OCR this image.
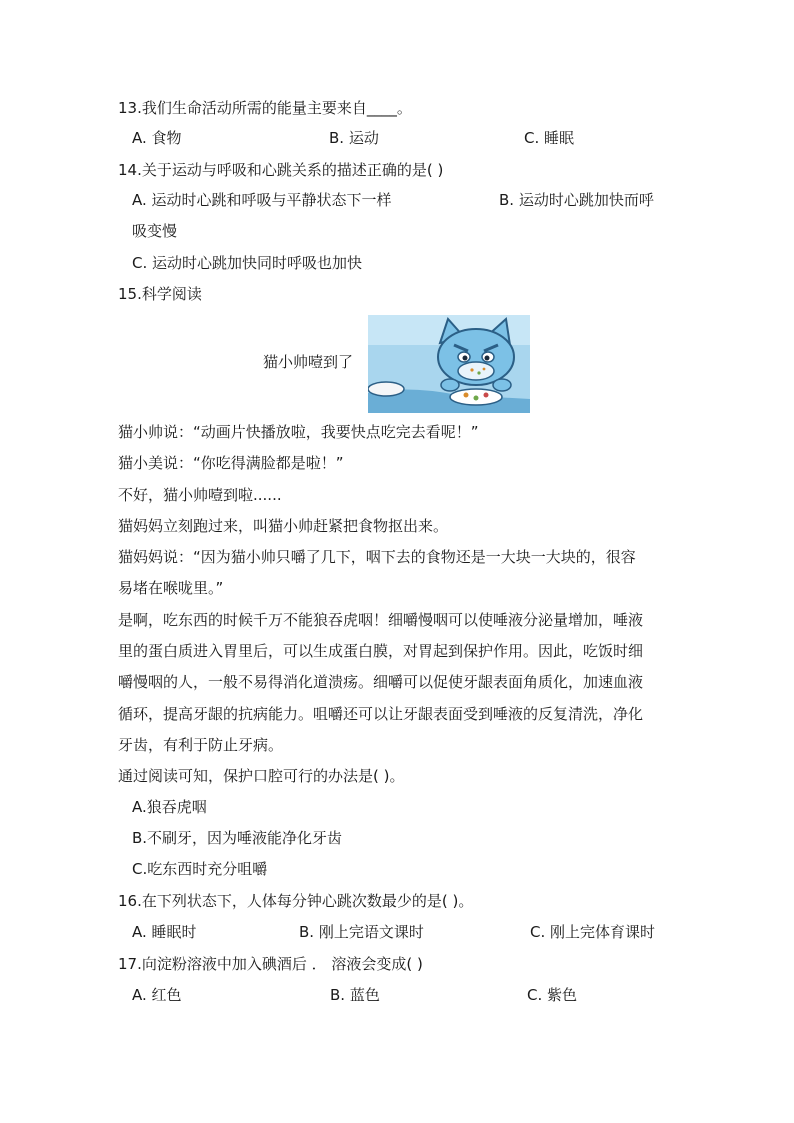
13.我们生命活动所需的能量主要来自____。
A. 食物	B. 运动	C. 睡眠
14.关于运动与呼吸和心跳关系的描述正确的是( )
A. 运动时心跳和呼吸与平静状态下一样	B. 运动时心跳加快而呼
吸变慢
C. 运动时心跳加快同时呼吸也加快
15.科学阅读
猫小帅噎到了
猫小帅说：“动画片快播放啦，我要快点吃完去看呢！”
猫小美说：“你吃得满脸都是啦！”
不好，猫小帅噎到啦......
猫妈妈立刻跑过来，叫猫小帅赶紧把食物抠出来。
猫妈妈说：“因为猫小帅只嚼了几下，咽下去的食物还是一大块一大块的，很容
易堵在喉咙里。”
是啊，吃东西的时候千万不能狼吞虎咽！细嚼慢咽可以使唾液分泌量增加，唾液
里的蛋白质进入胃里后，可以生成蛋白膜，对胃起到保护作用。因此，吃饭时细
嚼慢咽的人，一般不易得消化道溃疡。细嚼可以促使牙龈表面角质化，加速血液
循环，提高牙龈的抗病能力。咀嚼还可以让牙龈表面受到唾液的反复清洗，净化
牙齿，有利于防止牙病。
通过阅读可知，保护口腔可行的办法是( )。
A.狼吞虎咽
B.不刷牙，因为唾液能净化牙齿
C.吃东西时充分咀嚼
16.在下列状态下，人体每分钟心跳次数最少的是( )。
A. 睡眠时	B. 刚上完语文课时	C. 刚上完体育课时
17.向淀粉溶液中加入碘酒后 ． 溶液会变成( )
A. 红色	B. 蓝色	C. 紫色
